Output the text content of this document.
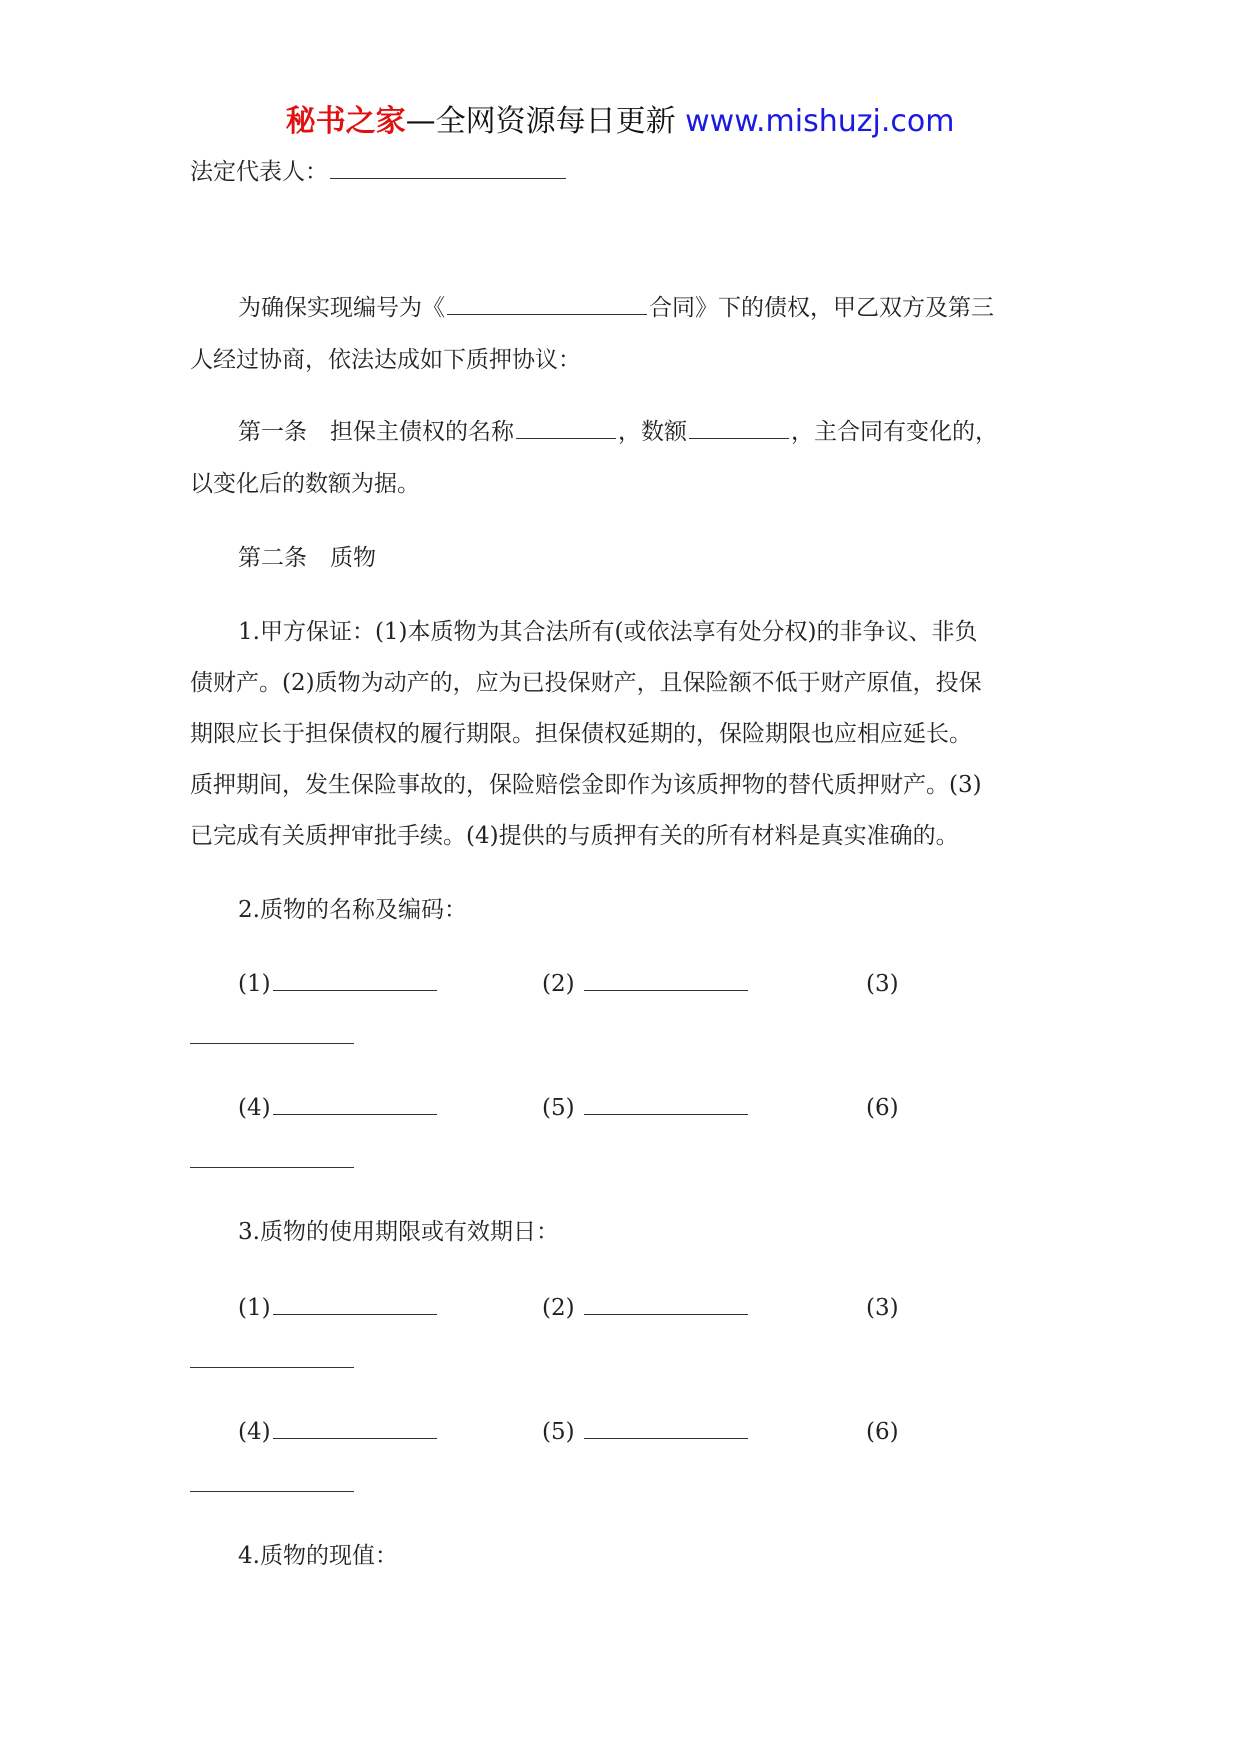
秘书之家—全网资源每日更新 www.mishuzj.com
法定代表人：
为确保实现编号为《	合同》下的债权，甲乙双方及第三
人经过协商，依法达成如下质押协议：
第一条　担保主债权的名称	，数额	，主合同有变化的，
以变化后的数额为据。
第二条　质物
1.甲方保证：(1)本质物为其合法所有(或依法享有处分权)的非争议、非负
债财产。(2)质物为动产的，应为已投保财产，且保险额不低于财产原值，投保
期限应长于担保债权的履行期限。担保债权延期的，保险期限也应相应延长。
质押期间，发生保险事故的，保险赔偿金即作为该质押物的替代质押财产。(3)
已完成有关质押审批手续。(4)提供的与质押有关的所有材料是真实准确的。
2.质物的名称及编码：
(1)	(2)	(3)
(4)	(5)	(6)
3.质物的使用期限或有效期日：
(1)	(2)	(3)
(4)	(5)	(6)
4.质物的现值：
